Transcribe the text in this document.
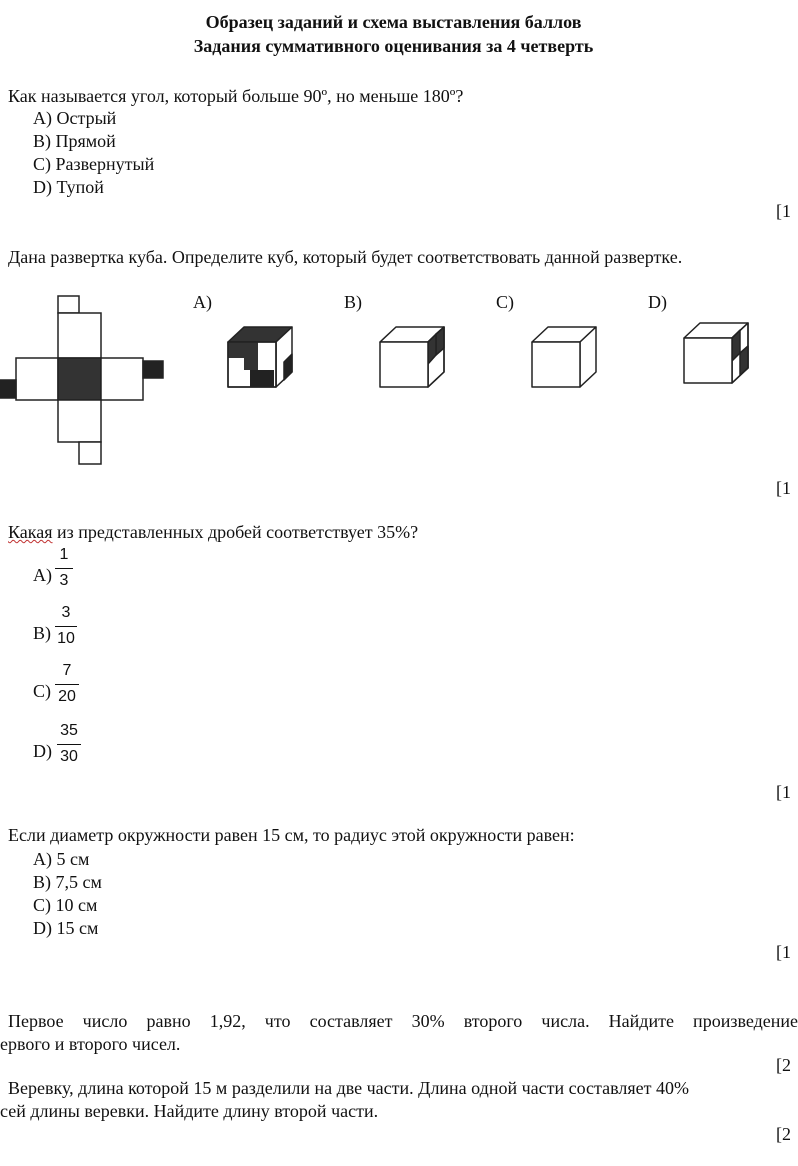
Образец заданий и схема выставления баллов
Задания суммативного оценивания за 4 четверть
Как называется угол, который больше 90º, но меньше 180º?
A) Острый
B) Прямой
C) Развернутый
D) Тупой
[1
Дана развертка куба. Определите куб, который будет соответствовать данной развертке.
A)	B)	C)	D)
[1
Какая из представленных дробей соответствует 35%?
A)
1
3
B)
3
10
C)
7
20
D)
35
30
[1
Если диаметр окружности равен 15 см, то радиус этой окружности равен:
A) 5 см
B) 7,5 см
C) 10 см
D) 15 см
[1
Первое число равно 1,92, что составляет 30% второго числа. Найдите произведение
ервого и второго чисел.
[2
Веревку, длина которой 15 м разделили на две части. Длина одной части составляет 40%
сей длины веревки. Найдите длину второй части.
[2
